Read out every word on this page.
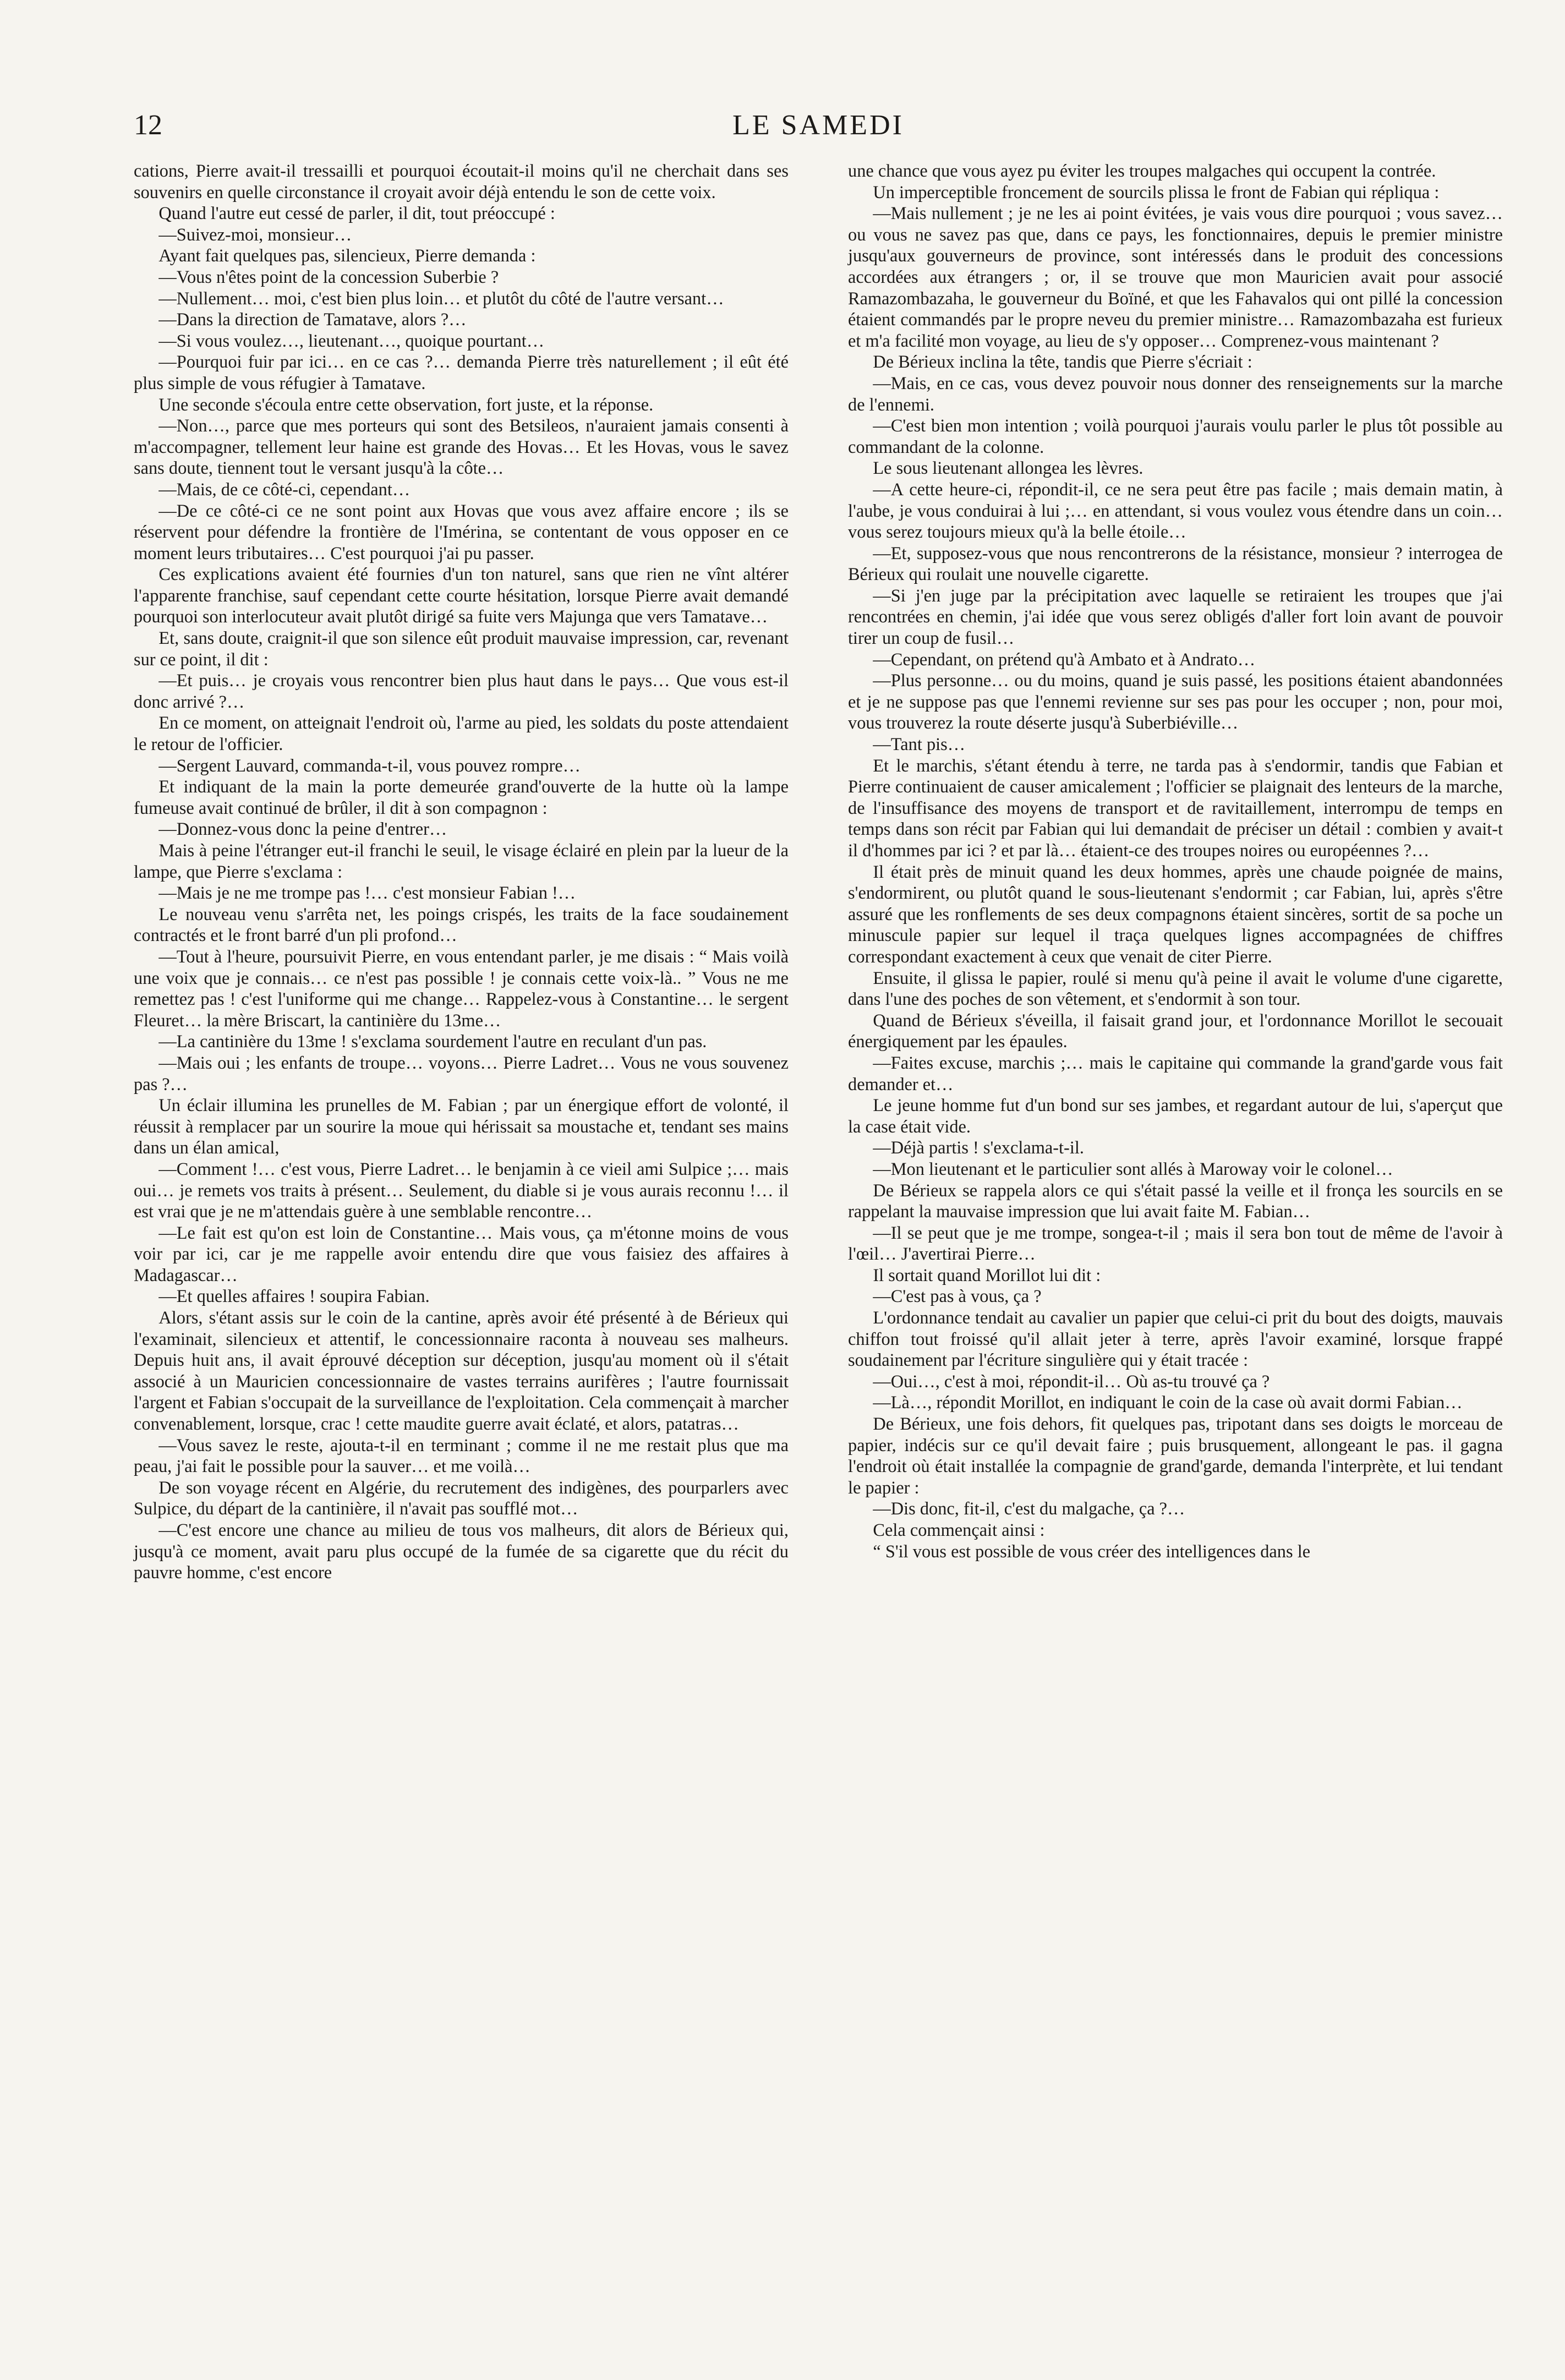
12	LE SAMEDI

cations, Pierre avait-il tressailli et pourquoi écoutait-il moins qu'il ne cherchait dans ses souvenirs en quelle circonstance il croyait avoir déjà entendu le son de cette voix.

Quand l'autre eut cessé de parler, il dit, tout préoccupé :

—Suivez-moi, monsieur…

Ayant fait quelques pas, silencieux, Pierre demanda :

—Vous n'êtes point de la concession Suberbie ?

—Nullement… moi, c'est bien plus loin… et plutôt du côté de l'autre versant…

—Dans la direction de Tamatave, alors ?…

—Si vous voulez…, lieutenant…, quoique pourtant…

—Pourquoi fuir par ici… en ce cas ?… demanda Pierre très naturellement ; il eût été plus simple de vous réfugier à Tamatave.

Une seconde s'écoula entre cette observation, fort juste, et la réponse.

—Non…, parce que mes porteurs qui sont des Betsileos, n'auraient jamais consenti à m'accompagner, tellement leur haine est grande des Hovas… Et les Hovas, vous le savez sans doute, tiennent tout le versant jusqu'à la côte…

—Mais, de ce côté-ci, cependant…

—De ce côté-ci ce ne sont point aux Hovas que vous avez affaire encore ; ils se réservent pour défendre la frontière de l'Imérina, se contentant de vous opposer en ce moment leurs tributaires… C'est pourquoi j'ai pu passer.

Ces explications avaient été fournies d'un ton naturel, sans que rien ne vînt altérer l'apparente franchise, sauf cependant cette courte hésitation, lorsque Pierre avait demandé pourquoi son interlocuteur avait plutôt dirigé sa fuite vers Majunga que vers Tamatave…

Et, sans doute, craignit-il que son silence eût produit mauvaise impression, car, revenant sur ce point, il dit :

—Et puis… je croyais vous rencontrer bien plus haut dans le pays… Que vous est-il donc arrivé ?…

En ce moment, on atteignait l'endroit où, l'arme au pied, les soldats du poste attendaient le retour de l'officier.

—Sergent Lauvard, commanda-t-il, vous pouvez rompre…

Et indiquant de la main la porte demeurée grand'ouverte de la hutte où la lampe fumeuse avait continué de brûler, il dit à son compagnon :

—Donnez-vous donc la peine d'entrer…

Mais à peine l'étranger eut-il franchi le seuil, le visage éclairé en plein par la lueur de la lampe, que Pierre s'exclama :

—Mais je ne me trompe pas !… c'est monsieur Fabian !…

Le nouveau venu s'arrêta net, les poings crispés, les traits de la face soudainement contractés et le front barré d'un pli profond…

—Tout à l'heure, poursuivit Pierre, en vous entendant parler, je me disais : “ Mais voilà une voix que je connais… ce n'est pas possible ! je connais cette voix-là.. ” Vous ne me remettez pas ! c'est l'uniforme qui me change… Rappelez-vous à Constantine… le sergent Fleuret… la mère Briscart, la cantinière du 13me…

—La cantinière du 13me ! s'exclama sourdement l'autre en reculant d'un pas.

—Mais oui ; les enfants de troupe… voyons… Pierre Ladret… Vous ne vous souvenez pas ?…

Un éclair illumina les prunelles de M. Fabian ; par un énergique effort de volonté, il réussit à remplacer par un sourire la moue qui hérissait sa moustache et, tendant ses mains dans un élan amical,

—Comment !… c'est vous, Pierre Ladret… le benjamin à ce vieil ami Sulpice ;… mais oui… je remets vos traits à présent… Seulement, du diable si je vous aurais reconnu !… il est vrai que je ne m'attendais guère à une semblable rencontre…

—Le fait est qu'on est loin de Constantine… Mais vous, ça m'étonne moins de vous voir par ici, car je me rappelle avoir entendu dire que vous faisiez des affaires à Madagascar…

—Et quelles affaires ! soupira Fabian.

Alors, s'étant assis sur le coin de la cantine, après avoir été présenté à de Bérieux qui l'examinait, silencieux et attentif, le concessionnaire raconta à nouveau ses malheurs. Depuis huit ans, il avait éprouvé déception sur déception, jusqu'au moment où il s'était associé à un Mauricien concessionnaire de vastes terrains aurifères ; l'autre fournissait l'argent et Fabian s'occupait de la surveillance de l'exploitation. Cela commençait à marcher convenablement, lorsque, crac ! cette maudite guerre avait éclaté, et alors, patatras…

—Vous savez le reste, ajouta-t-il en terminant ; comme il ne me restait plus que ma peau, j'ai fait le possible pour la sauver… et me voilà…

De son voyage récent en Algérie, du recrutement des indigènes, des pourparlers avec Sulpice, du départ de la cantinière, il n'avait pas soufflé mot…

—C'est encore une chance au milieu de tous vos malheurs, dit alors de Bérieux qui, jusqu'à ce moment, avait paru plus occupé de la fumée de sa cigarette que du récit du pauvre homme, c'est encore

une chance que vous ayez pu éviter les troupes malgaches qui occupent la contrée.

Un imperceptible froncement de sourcils plissa le front de Fabian qui répliqua :

—Mais nullement ; je ne les ai point évitées, je vais vous dire pourquoi ; vous savez… ou vous ne savez pas que, dans ce pays, les fonctionnaires, depuis le premier ministre jusqu'aux gouverneurs de province, sont intéressés dans le produit des concessions accordées aux étrangers ; or, il se trouve que mon Mauricien avait pour associé Ramazombazaha, le gouverneur du Boïné, et que les Fahavalos qui ont pillé la concession étaient commandés par le propre neveu du premier ministre… Ramazombazaha est furieux et m'a facilité mon voyage, au lieu de s'y opposer… Comprenez-vous maintenant ?

De Bérieux inclina la tête, tandis que Pierre s'écriait :

—Mais, en ce cas, vous devez pouvoir nous donner des renseignements sur la marche de l'ennemi.

—C'est bien mon intention ; voilà pourquoi j'aurais voulu parler le plus tôt possible au commandant de la colonne.

Le sous lieutenant allongea les lèvres.

—A cette heure-ci, répondit-il, ce ne sera peut être pas facile ; mais demain matin, à l'aube, je vous conduirai à lui ;… en attendant, si vous voulez vous étendre dans un coin… vous serez toujours mieux qu'à la belle étoile…

—Et, supposez-vous que nous rencontrerons de la résistance, monsieur ? interrogea de Bérieux qui roulait une nouvelle cigarette.

—Si j'en juge par la précipitation avec laquelle se retiraient les troupes que j'ai rencontrées en chemin, j'ai idée que vous serez obligés d'aller fort loin avant de pouvoir tirer un coup de fusil…

—Cependant, on prétend qu'à Ambato et à Andrato…

—Plus personne… ou du moins, quand je suis passé, les positions étaient abandonnées et je ne suppose pas que l'ennemi revienne sur ses pas pour les occuper ; non, pour moi, vous trouverez la route déserte jusqu'à Suberbiéville…

—Tant pis…

Et le marchis, s'étant étendu à terre, ne tarda pas à s'endormir, tandis que Fabian et Pierre continuaient de causer amicalement ; l'officier se plaignait des lenteurs de la marche, de l'insuffisance des moyens de transport et de ravitaillement, interrompu de temps en temps dans son récit par Fabian qui lui demandait de préciser un détail : combien y avait-t il d'hommes par ici ? et par là… étaient-ce des troupes noires ou européennes ?…

Il était près de minuit quand les deux hommes, après une chaude poignée de mains, s'endormirent, ou plutôt quand le sous-lieutenant s'endormit ; car Fabian, lui, après s'être assuré que les ronflements de ses deux compagnons étaient sincères, sortit de sa poche un minuscule papier sur lequel il traça quelques lignes accompagnées de chiffres correspondant exactement à ceux que venait de citer Pierre.

Ensuite, il glissa le papier, roulé si menu qu'à peine il avait le volume d'une cigarette, dans l'une des poches de son vêtement, et s'endormit à son tour.

Quand de Bérieux s'éveilla, il faisait grand jour, et l'ordonnance Morillot le secouait énergiquement par les épaules.

—Faites excuse, marchis ;… mais le capitaine qui commande la grand'garde vous fait demander et…

Le jeune homme fut d'un bond sur ses jambes, et regardant autour de lui, s'aperçut que la case était vide.

—Déjà partis ! s'exclama-t-il.

—Mon lieutenant et le particulier sont allés à Maroway voir le colonel…

De Bérieux se rappela alors ce qui s'était passé la veille et il fronça les sourcils en se rappelant la mauvaise impression que lui avait faite M. Fabian…

—Il se peut que je me trompe, songea-t-il ; mais il sera bon tout de même de l'avoir à l'œil… J'avertirai Pierre…

Il sortait quand Morillot lui dit :

—C'est pas à vous, ça ?

L'ordonnance tendait au cavalier un papier que celui-ci prit du bout des doigts, mauvais chiffon tout froissé qu'il allait jeter à terre, après l'avoir examiné, lorsque frappé soudainement par l'écriture singulière qui y était tracée :

—Oui…, c'est à moi, répondit-il… Où as-tu trouvé ça ?

—Là…, répondit Morillot, en indiquant le coin de la case où avait dormi Fabian…

De Bérieux, une fois dehors, fit quelques pas, tripotant dans ses doigts le morceau de papier, indécis sur ce qu'il devait faire ; puis brusquement, allongeant le pas. il gagna l'endroit où était installée la compagnie de grand'garde, demanda l'interprète, et lui tendant le papier :

—Dis donc, fit-il, c'est du malgache, ça ?…

Cela commençait ainsi :

“ S'il vous est possible de vous créer des intelligences dans le
